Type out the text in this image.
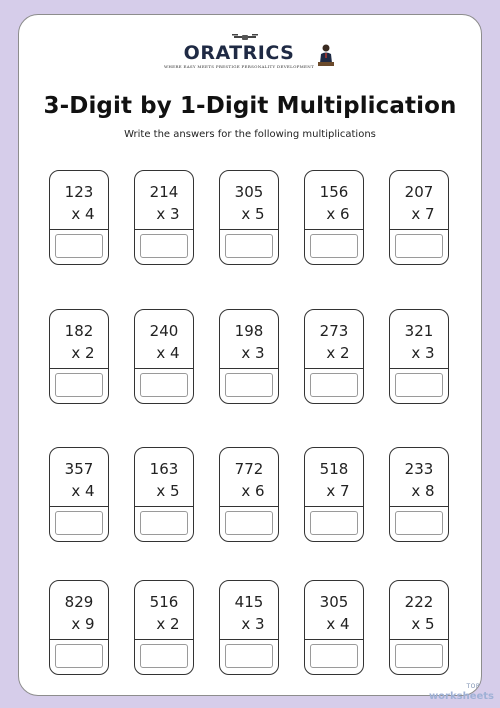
ORATRICS
WHERE EASY MEETS PRESTIGE PERSONALITY DEVELOPMENT
3-Digit by 1-Digit Multiplication
Write the answers for the following multiplications
123
x 4
214
x 3
305
x 5
156
x 6
207
x 7
182
x 2
240
x 4
198
x 3
273
x 2
321
x 3
357
x 4
163
x 5
772
x 6
518
x 7
233
x 8
829
x 9
516
x 2
415
x 3
305
x 4
222
x 5
TOP
worksheets
